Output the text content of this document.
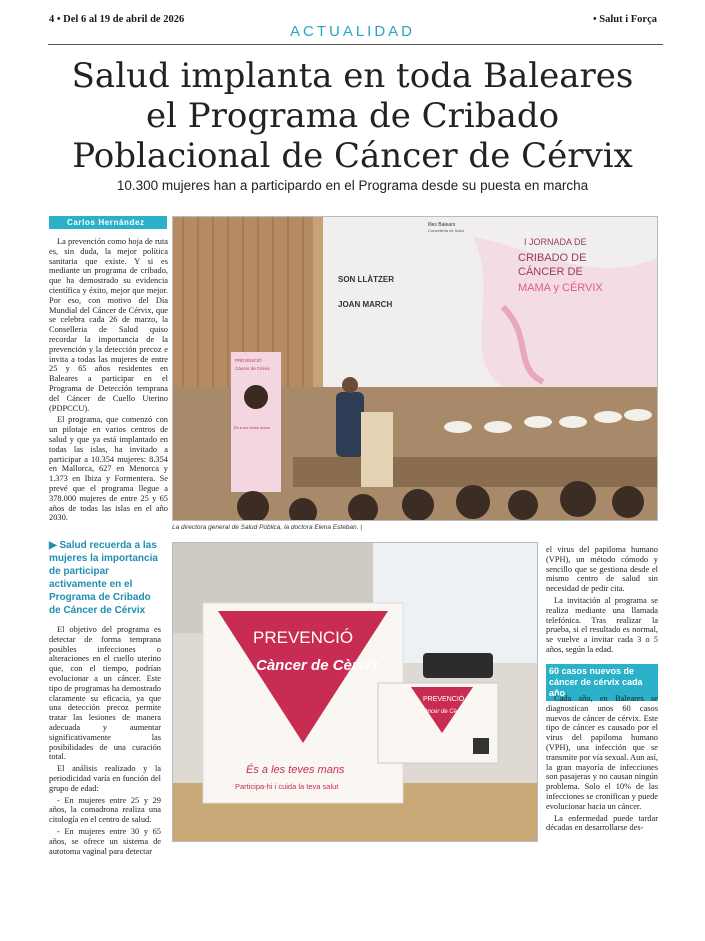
4 • Del 6 al 19 de abril de 2026	• Salut i Força
ACTUALIDAD
Salud implanta en toda Baleares
el Programa de Cribado
Poblacional de Cáncer de Cérvix
10.300 mujeres han a participardo en el Programa desde su puesta en marcha
Carlos Hernández

La prevención como hoja de ruta es, sin duda, la mejor política sanitaria que existe. Y si es mediante un programa de cribado, que ha demostrado su evidencia científica y éxito, mejor que mejor. Por eso, con motivo del Día Mundial del Cáncer de Cérvix, que se celebra cada 26 de marzo, la Conselleria de Salud quiso recordar la importancia de la prevención y la detección precoz e invita a todas las mujeres de entre 25 y 65 años residentes en Baleares a participar en el Programa de Detección temprana del Cáncer de Cuello Uterino (PDPCCU).

El programa, que comenzó con un pilotaje en varios centros de salud y que ya está implantado en todas las islas, ha invitado a participar a 10.354 mujeres: 8.354 en Mallorca, 627 en Menorca y 1.373 en Ibiza y Formentera. Se prevé que el programa llegue a 378.000 mujeres de entre 25 y 65 años de todas las islas en el año 2030.

▶ Salud recuerda a las mujeres la importancia de participar activamente en el Programa de Cribado de Cáncer de Cérvix

El objetivo del programa es detectar de forma temprana posibles infecciones o alteraciones en el cuello uterino que, con el tiempo, podrían evolucionar a un cáncer. Este tipo de programas ha demostrado claramente su eficacia, ya que una detección precoz permite tratar las lesiones de manera adecuada y aumentar significativamente las posibilidades de una curación total.

El análisis realizado y la periodicidad varía en función del grupo de edad:

- En mujeres entre 25 y 29 años, la comadrona realiza una citología en el centro de salud.

- En mujeres entre 30 y 65 años, se ofrece un sistema de autotoma vaginal para detectar

Illes Balears
Conselleria de Salut
I JORNADA DE
CRIBADO DE
CÁNCER DE
MAMA y CÉRVIX
SON LLÀTZER
JOAN MARCH
PREVENCIÓ
Càncer de Cèrvix
És a les teves mans
La directora general de Salud Pública, la doctora Elena Esteban. |
PREVENCIÓ
Càncer de Cèrvix
És a les teves mans
Participa-hi i cuida la teva salut
PREVENCIÓ
Càncer de Cèrvix

el virus del papiloma humano (VPH), un método cómodo y sencillo que se gestiona desde el mismo centro de salud sin necesidad de pedir cita.

La invitación al programa se realiza mediante una llamada telefónica. Tras realizar la prueba, si el resultado es normal, se vuelve a invitar cada 3 o 5 años, según la edad.

60 casos nuevos de cáncer de cérvix cada año

Cada año, en Baleares se diagnostican unos 60 casos nuevos de cáncer de cérvix. Este tipo de cáncer es causado por el virus del papiloma humano (VPH), una infección que se transmite por vía sexual. Aun así, la gran mayoría de infecciones son pasajeras y no causan ningún problema. Solo el 10% de las infecciones se cronifican y puede evolucionar hacia un cáncer.

La enfermedad puede tardar décadas en desarrollarse des-
